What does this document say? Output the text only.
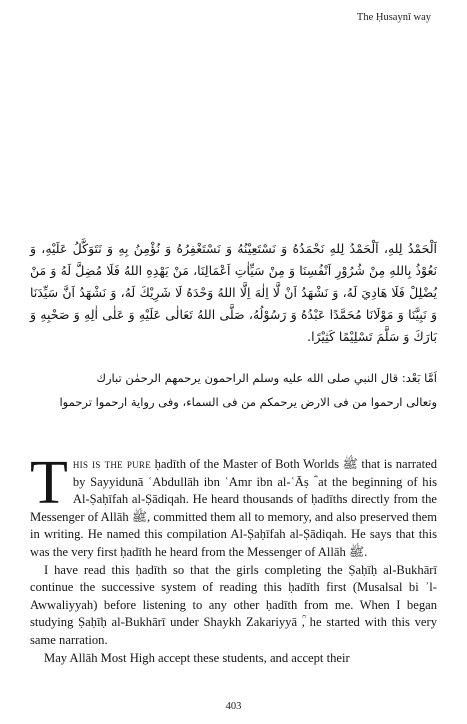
The Ḥusaynī way

اَلْحَمْدُ لِلهِ، اَلْحَمْدُ لِلهِ نَحْمَدُهُ وَ نَسْتَعِيْنُهُ وَ نَسْتَغْفِرُهُ وَ نُؤْمِنُ بِهِ وَ نَتَوَكَّلُ عَلَيْهِ، وَ نَعُوْذُ بِاللهِ مِنْ شُرُوْرِ اَنْفُسِنَا وَ مِنْ سَيِّاٰتِ اَعْمَالِنَا، مَنْ يَهْدِهِ اللهُ فَلَا مُضِلَّ لَهُ وَ مَنْ يُضْلِلْ فَلَا هَادِيَ لَهُ، وَ نَشْهَدُ اَنْ لَّا اِلٰهَ اِلَّا اللهُ وَحْدَهُ لَا شَرِيْكَ لَهُ، وَ نَشْهَدُ اَنَّ سَيِّدَنَا وَ نَبِيَّنَا وَ مَوْلَانَا مُحَمَّدًا عَبْدُهُ وَ رَسُوْلُهُ، صَلَّى اللهُ تَعَالٰى عَلَيْهِ وَ عَلٰى اٰلِهِ وَ صَحْبِهِ وَ بَارَكَ وَ سَلَّمَ تَسْلِيْمًا كَثِيْرًا.

اَمَّا بَعْد: قال النبي صلى الله عليه وسلم الراحمون يرحمهم الرحمٰن تبارك

وتعالى ارحموا من فى الارض يرحمكم من فى السماء، وفى رواية ارحموا ترحموا

This is the pure ḥadīth of the Master of Both Worlds ﷺ that is narrated by Sayyidunā ʿAbdullāh ibn ʿAmr ibn al-ʿĀṣ ؓ at the beginning of his Al-Ṣaḥīfah al-Ṣādiqah. He heard thousands of ḥadīths directly from the Messenger of Allāh ﷺ, committed them all to memory, and also preserved them in writing. He named this compilation Al-Ṣaḥīfah al-Ṣādiqah. He says that this was the very first ḥadīth he heard from the Messenger of Allāh ﷺ.

I have read this ḥadīth so that the girls completing the Ṣaḥīḥ al-Bukhārī continue the successive system of reading this ḥadīth first (Musalsal bi ʾl-Awwaliyyah) before listening to any other ḥadīth from me. When I began studying Ṣaḥīḥ al-Bukhārī under Shaykh Zakariyyā ؒ, he started with this very same narration.

May Allāh Most High accept these students, and accept their

403
